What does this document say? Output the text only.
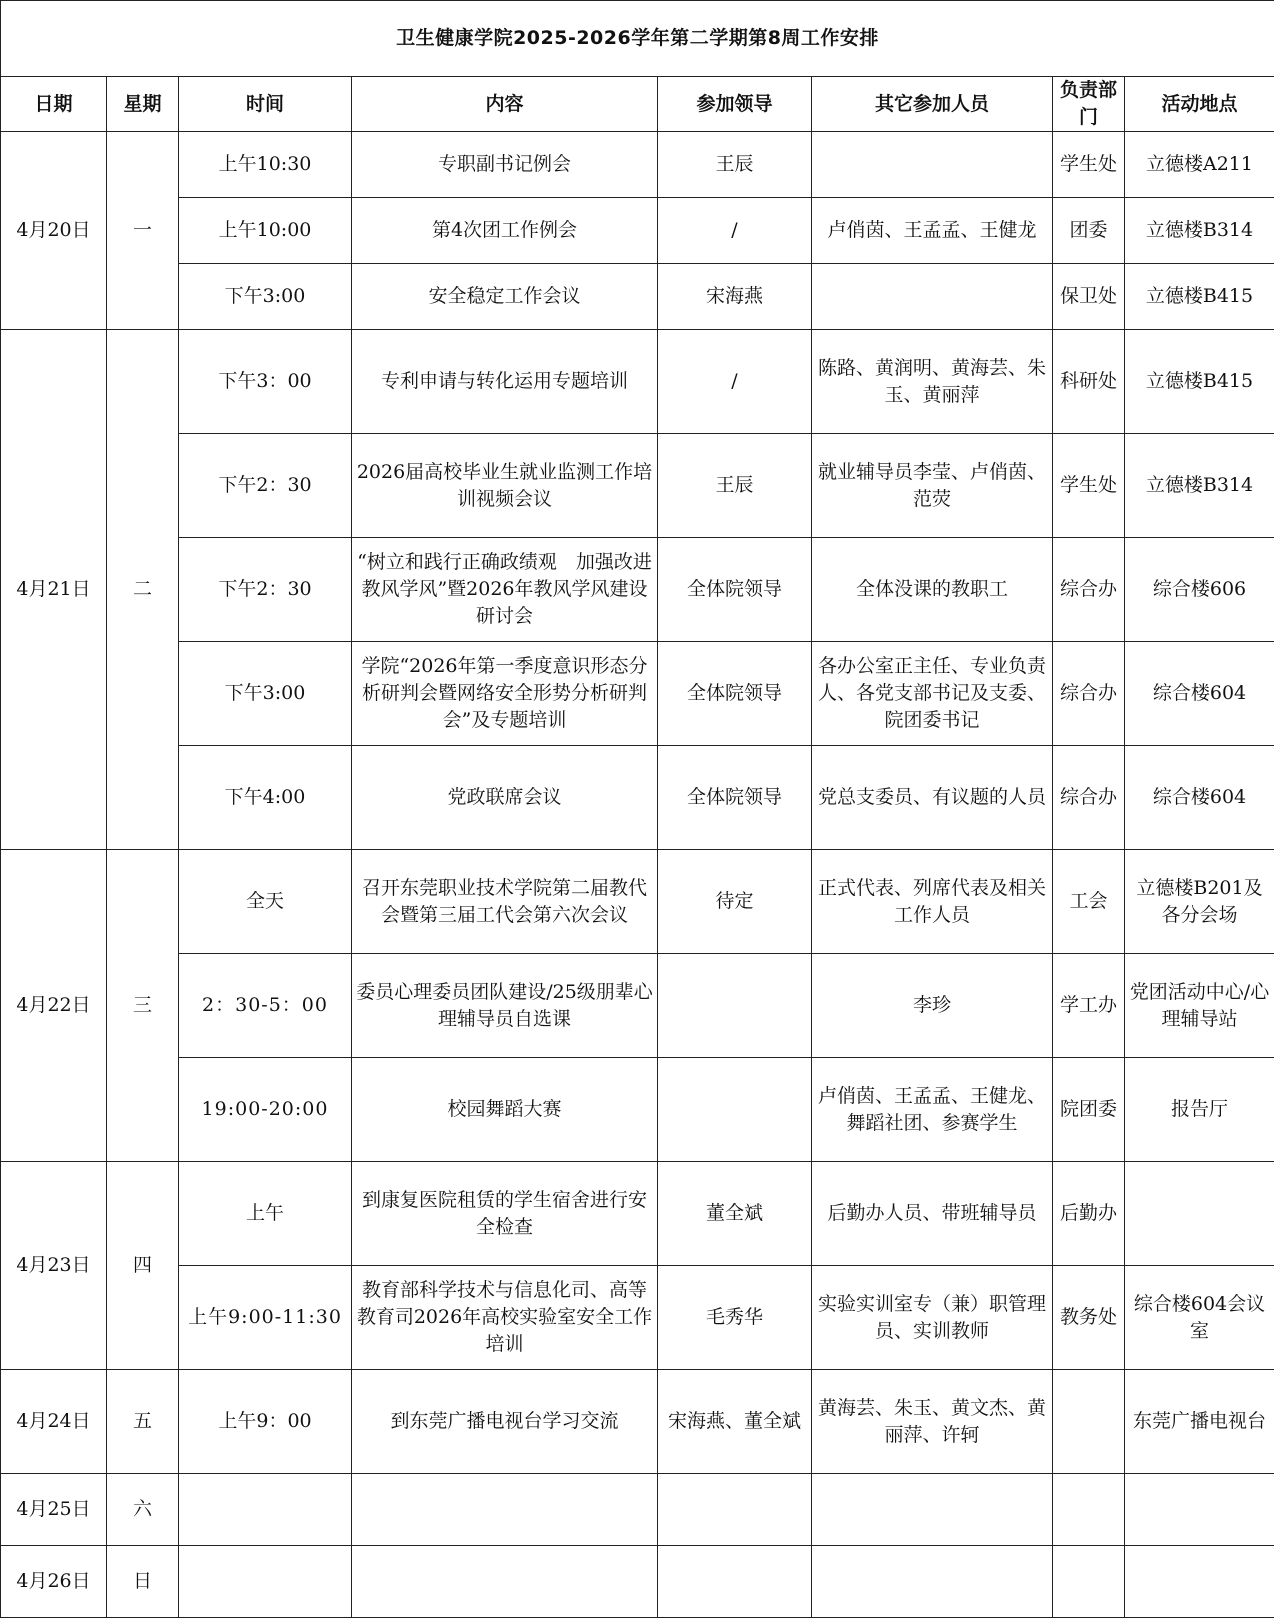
卫生健康学院2025-2026学年第二学期第8周工作安排							
日期	星期	时间	内容	参加领导	其它参加人员	负责部门	活动地点
4月20日	一	上午10:30	专职副书记例会	王辰		学生处	立德楼A211
		上午10:00	第4次团工作例会	/	卢俏茵、王孟孟、王健龙	团委	立德楼B314
		下午3:00	安全稳定工作会议	宋海燕		保卫处	立德楼B415
4月21日	二	下午3：00	专利申请与转化运用专题培训	/	陈路、黄润明、黄海芸、朱玉、黄丽萍	科研处	立德楼B415
		下午2：30	2026届高校毕业生就业监测工作培训视频会议	王辰	就业辅导员李莹、卢俏茵、范荧	学生处	立德楼B314
		下午2：30	“树立和践行正确政绩观　加强改进教风学风”暨2026年教风学风建设研讨会	全体院领导	全体没课的教职工	综合办	综合楼606
		下午3:00	学院“2026年第一季度意识形态分析研判会暨网络安全形势分析研判会”及专题培训	全体院领导	各办公室正主任、专业负责人、各党支部书记及支委、院团委书记	综合办	综合楼604
		下午4:00	党政联席会议	全体院领导	党总支委员、有议题的人员	综合办	综合楼604
4月22日	三	全天	召开东莞职业技术学院第二届教代会暨第三届工代会第六次会议	待定	正式代表、列席代表及相关工作人员	工会	立德楼B201及各分会场
		2：30-5：00	委员心理委员团队建设/25级朋辈心理辅导员自选课		李珍	学工办	党团活动中心/心理辅导站
		19:00-20:00	校园舞蹈大赛		卢俏茵、王孟孟、王健龙、舞蹈社团、参赛学生	院团委	报告厅
4月23日	四	上午	到康复医院租赁的学生宿舍进行安全检查	董全斌	后勤办人员、带班辅导员	后勤办	
		上午9:00-11:30	教育部科学技术与信息化司、高等教育司2026年高校实验室安全工作培训	毛秀华	实验实训室专（兼）职管理员、实训教师	教务处	综合楼604会议室
4月24日	五	上午9：00	到东莞广播电视台学习交流	宋海燕、董全斌	黄海芸、朱玉、黄文杰、黄丽萍、许轲		东莞广播电视台
4月25日	六						
4月26日	日						
